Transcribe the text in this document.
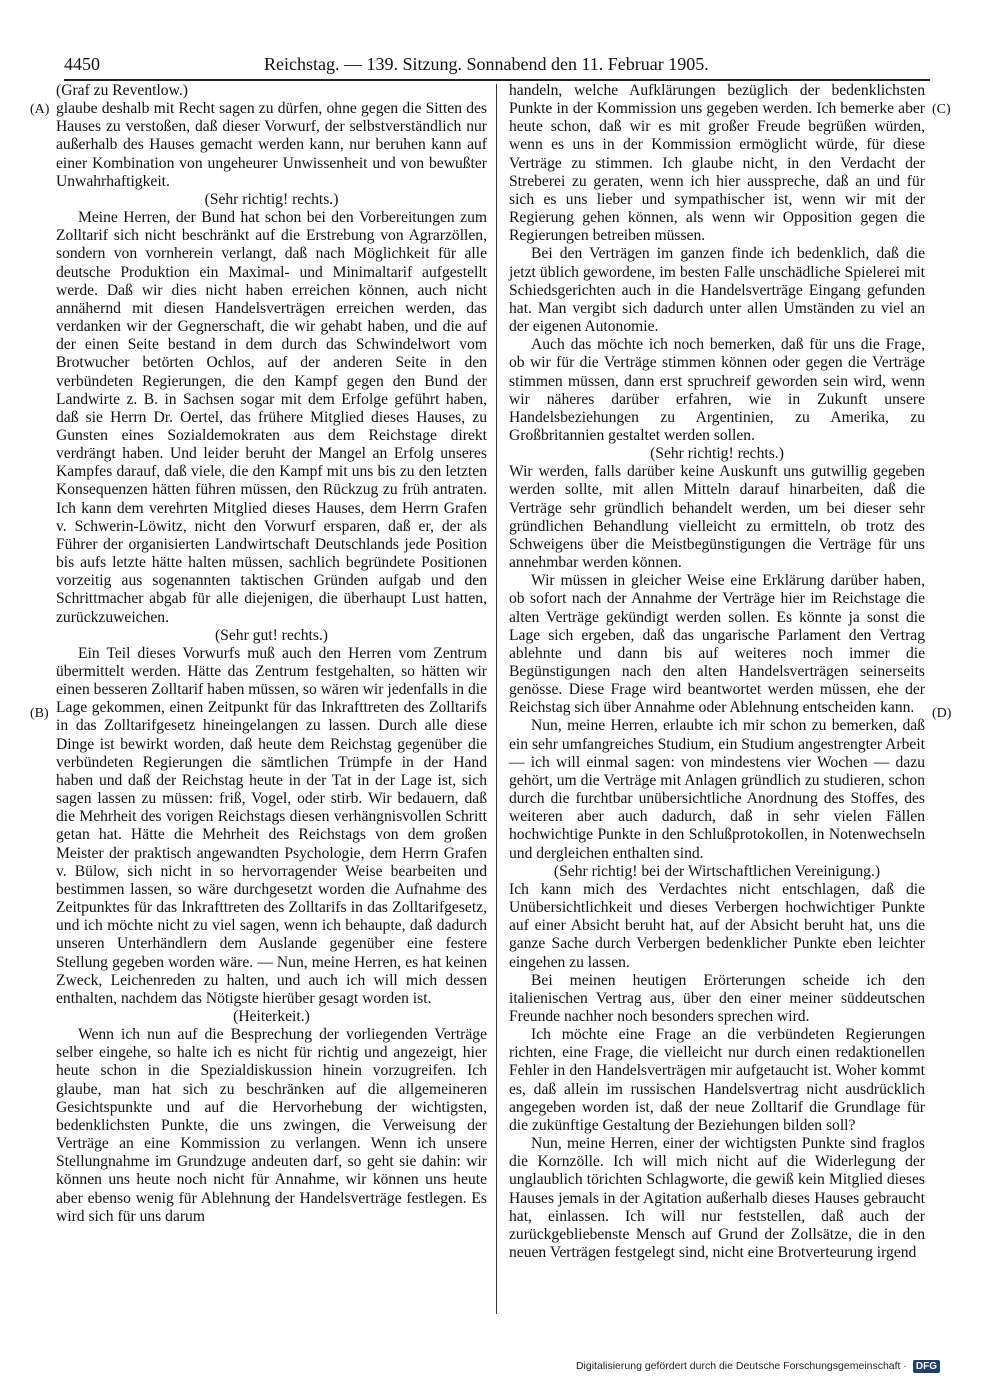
4450	Reichstag. — 139. Sitzung. Sonnabend den 11. Februar 1905.
(A)
(B)
(C)
(D)

(Graf zu Reventlow.)

glaube deshalb mit Recht sagen zu dürfen, ohne gegen die Sitten des Hauses zu verstoßen, daß dieser Vorwurf, der selbstverständlich nur außerhalb des Hauses gemacht werden kann, nur beruhen kann auf einer Kombination von ungeheurer Unwissenheit und von bewußter Unwahrhaftigkeit.

(Sehr richtig! rechts.)

Meine Herren, der Bund hat schon bei den Vorbereitungen zum Zolltarif sich nicht beschränkt auf die Erstrebung von Agrarzöllen, sondern von vornherein verlangt, daß nach Möglichkeit für alle deutsche Produktion ein Maximal- und Minimaltarif aufgestellt werde. Daß wir dies nicht haben erreichen können, auch nicht annähernd mit diesen Handelsverträgen erreichen werden, das verdanken wir der Gegnerschaft, die wir gehabt haben, und die auf der einen Seite bestand in dem durch das Schwindelwort vom Brotwucher betörten Ochlos, auf der anderen Seite in den verbündeten Regierungen, die den Kampf gegen den Bund der Landwirte z. B. in Sachsen sogar mit dem Erfolge geführt haben, daß sie Herrn Dr. Oertel, das frühere Mitglied dieses Hauses, zu Gunsten eines Sozialdemokraten aus dem Reichstage direkt verdrängt haben. Und leider beruht der Mangel an Erfolg unseres Kampfes darauf, daß viele, die den Kampf mit uns bis zu den letzten Konsequenzen hätten führen müssen, den Rückzug zu früh antraten. Ich kann dem verehrten Mitglied dieses Hauses, dem Herrn Grafen v. Schwerin-Löwitz, nicht den Vorwurf ersparen, daß er, der als Führer der organisierten Landwirtschaft Deutschlands jede Position bis aufs letzte hätte halten müssen, sachlich begründete Positionen vorzeitig aus sogenannten taktischen Gründen aufgab und den Schrittmacher abgab für alle diejenigen, die überhaupt Lust hatten, zurückzuweichen.

(Sehr gut! rechts.)

Ein Teil dieses Vorwurfs muß auch den Herren vom Zentrum übermittelt werden. Hätte das Zentrum festgehalten, so hätten wir einen besseren Zolltarif haben müssen, so wären wir jedenfalls in die Lage gekommen, einen Zeitpunkt für das Inkrafttreten des Zolltarifs in das Zolltarifgesetz hineingelangen zu lassen. Durch alle diese Dinge ist bewirkt worden, daß heute dem Reichstag gegenüber die verbündeten Regierungen die sämtlichen Trümpfe in der Hand haben und daß der Reichstag heute in der Tat in der Lage ist, sich sagen lassen zu müssen: friß, Vogel, oder stirb. Wir bedauern, daß die Mehrheit des vorigen Reichstags diesen verhängnisvollen Schritt getan hat. Hätte die Mehrheit des Reichstags von dem großen Meister der praktisch angewandten Psychologie, dem Herrn Grafen v. Bülow, sich nicht in so hervorragender Weise bearbeiten und bestimmen lassen, so wäre durchgesetzt worden die Aufnahme des Zeitpunktes für das Inkrafttreten des Zolltarifs in das Zolltarifgesetz, und ich möchte nicht zu viel sagen, wenn ich behaupte, daß dadurch unseren Unterhändlern dem Auslande gegenüber eine festere Stellung gegeben worden wäre. — Nun, meine Herren, es hat keinen Zweck, Leichenreden zu halten, und auch ich will mich dessen enthalten, nachdem das Nötigste hierüber gesagt worden ist.

(Heiterkeit.)

Wenn ich nun auf die Besprechung der vorliegenden Verträge selber eingehe, so halte ich es nicht für richtig und angezeigt, hier heute schon in die Spezialdiskussion hinein vorzugreifen. Ich glaube, man hat sich zu beschränken auf die allgemeineren Gesichtspunkte und auf die Hervorhebung der wichtigsten, bedenklichsten Punkte, die uns zwingen, die Verweisung der Verträge an eine Kommission zu verlangen. Wenn ich unsere Stellungnahme im Grundzuge andeuten darf, so geht sie dahin: wir können uns heute noch nicht für Annahme, wir können uns heute aber ebenso wenig für Ablehnung der Handelsverträge festlegen. Es wird sich für uns darum

handeln, welche Aufklärungen bezüglich der bedenklichsten Punkte in der Kommission uns gegeben werden. Ich bemerke aber heute schon, daß wir es mit großer Freude begrüßen würden, wenn es uns in der Kommission ermöglicht würde, für diese Verträge zu stimmen. Ich glaube nicht, in den Verdacht der Streberei zu geraten, wenn ich hier ausspreche, daß an und für sich es uns lieber und sympathischer ist, wenn wir mit der Regierung gehen können, als wenn wir Opposition gegen die Regierungen betreiben müssen.

Bei den Verträgen im ganzen finde ich bedenklich, daß die jetzt üblich gewordene, im besten Falle unschädliche Spielerei mit Schiedsgerichten auch in die Handelsverträge Eingang gefunden hat. Man vergibt sich dadurch unter allen Umständen zu viel an der eigenen Autonomie.

Auch das möchte ich noch bemerken, daß für uns die Frage, ob wir für die Verträge stimmen können oder gegen die Verträge stimmen müssen, dann erst spruchreif geworden sein wird, wenn wir näheres darüber erfahren, wie in Zukunft unsere Handelsbeziehungen zu Argentinien, zu Amerika, zu Großbritannien gestaltet werden sollen.

(Sehr richtig! rechts.)

Wir werden, falls darüber keine Auskunft uns gutwillig gegeben werden sollte, mit allen Mitteln darauf hinarbeiten, daß die Verträge sehr gründlich behandelt werden, um bei dieser sehr gründlichen Behandlung vielleicht zu ermitteln, ob trotz des Schweigens über die Meistbegünstigungen die Verträge für uns annehmbar werden können.

Wir müssen in gleicher Weise eine Erklärung darüber haben, ob sofort nach der Annahme der Verträge hier im Reichstage die alten Verträge gekündigt werden sollen. Es könnte ja sonst die Lage sich ergeben, daß das ungarische Parlament den Vertrag ablehnte und dann bis auf weiteres noch immer die Begünstigungen nach den alten Handelsverträgen seinerseits genösse. Diese Frage wird beantwortet werden müssen, ehe der Reichstag sich über Annahme oder Ablehnung entscheiden kann.

Nun, meine Herren, erlaubte ich mir schon zu bemerken, daß ein sehr umfangreiches Studium, ein Studium angestrengter Arbeit — ich will einmal sagen: von mindestens vier Wochen — dazu gehört, um die Verträge mit Anlagen gründlich zu studieren, schon durch die furchtbar unübersichtliche Anordnung des Stoffes, des weiteren aber auch dadurch, daß in sehr vielen Fällen hochwichtige Punkte in den Schlußprotokollen, in Notenwechseln und dergleichen enthalten sind.

(Sehr richtig! bei der Wirtschaftlichen Vereinigung.)

Ich kann mich des Verdachtes nicht entschlagen, daß die Unübersichtlichkeit und dieses Verbergen hochwichtiger Punkte auf einer Absicht beruht hat, auf der Absicht beruht hat, uns die ganze Sache durch Verbergen bedenklicher Punkte eben leichter eingehen zu lassen.

Bei meinen heutigen Erörterungen scheide ich den italienischen Vertrag aus, über den einer meiner süddeutschen Freunde nachher noch besonders sprechen wird.

Ich möchte eine Frage an die verbündeten Regierungen richten, eine Frage, die vielleicht nur durch einen redaktionellen Fehler in den Handelsverträgen mir aufgetaucht ist. Woher kommt es, daß allein im russischen Handelsvertrag nicht ausdrücklich angegeben worden ist, daß der neue Zolltarif die Grundlage für die zukünftige Gestaltung der Beziehungen bilden soll?

Nun, meine Herren, einer der wichtigsten Punkte sind fraglos die Kornzölle. Ich will mich nicht auf die Widerlegung der unglaublich törichten Schlagworte, die gewiß kein Mitglied dieses Hauses jemals in der Agitation außerhalb dieses Hauses gebraucht hat, einlassen. Ich will nur feststellen, daß auch der zurückgebliebenste Mensch auf Grund der Zollsätze, die in den neuen Verträgen festgelegt sind, nicht eine Brotverteurung irgend

Digitalisierung gefördert durch die Deutsche Forschungsgemeinschaft · DFG
